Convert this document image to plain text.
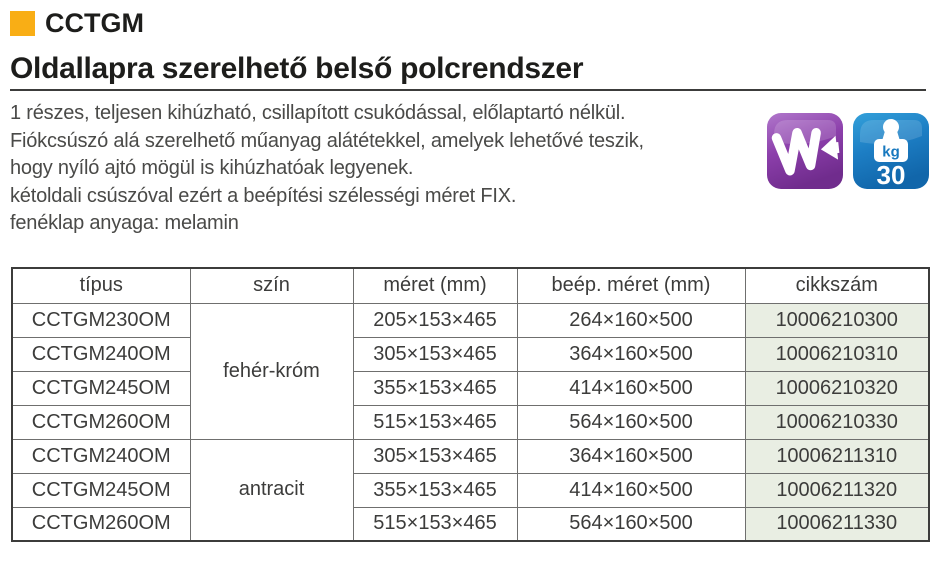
CCTGM
Oldallapra szerelhető belső polcrendszer
1 részes, teljesen kihúzható, csillapított csukódással, előlaptartó nélkül.
Fiókcsúszó alá szerelhető műanyag alátétekkel, amelyek lehetővé teszik,
hogy nyíló ajtó mögül is kihúzhatóak legyenek.
kétoldali csúszóval ezért a beépítési szélességi méret FIX.
fenéklap anyaga: melamin
kg
30
típus	szín	méret (mm)	beép. méret (mm)	cikkszám
CCTGM230OM	fehér-króm	205×153×465	264×160×500	10006210300
CCTGM240OM		305×153×465	364×160×500	10006210310
CCTGM245OM		355×153×465	414×160×500	10006210320
CCTGM260OM		515×153×465	564×160×500	10006210330
CCTGM240OM	antracit	305×153×465	364×160×500	10006211310
CCTGM245OM		355×153×465	414×160×500	10006211320
CCTGM260OM		515×153×465	564×160×500	10006211330
